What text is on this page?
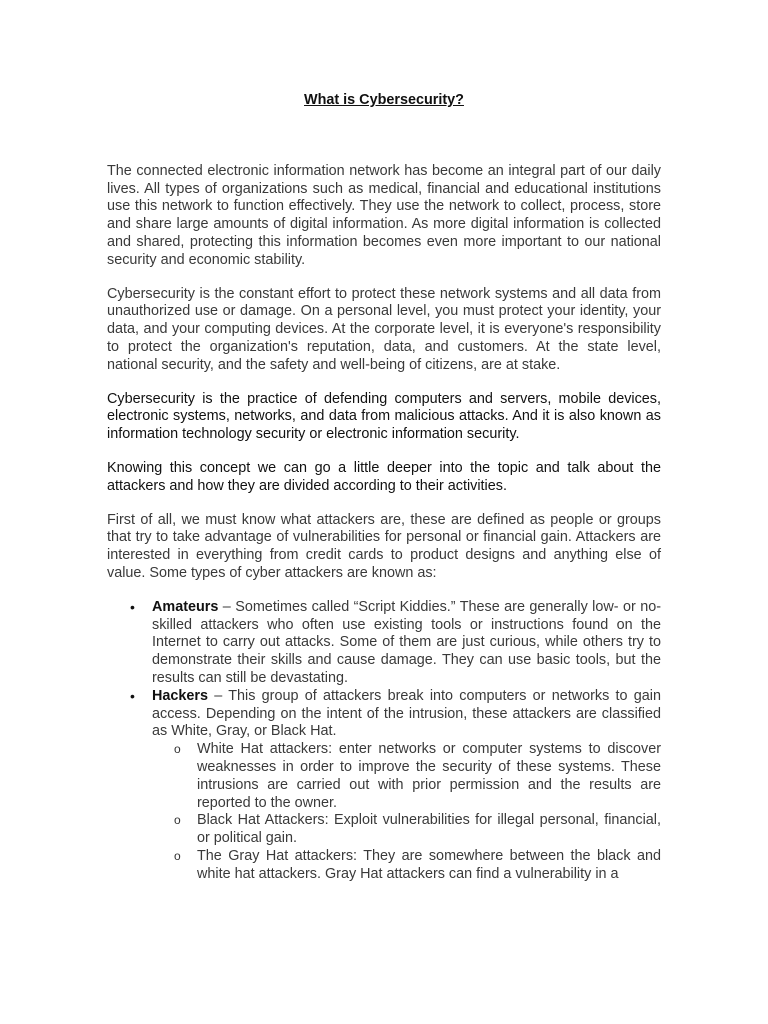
What is Cybersecurity?

The connected electronic information network has become an integral part of our daily lives. All types of organizations such as medical, financial and educational institutions use this network to function effectively. They use the network to collect, process, store and share large amounts of digital information. As more digital information is collected and shared, protecting this information becomes even more important to our national security and economic stability.

Cybersecurity is the constant effort to protect these network systems and all data from unauthorized use or damage. On a personal level, you must protect your identity, your data, and your computing devices. At the corporate level, it is everyone's responsibility to protect the organization's reputation, data, and customers. At the state level, national security, and the safety and well-being of citizens, are at stake.

Cybersecurity is the practice of defending computers and servers, mobile devices, electronic systems, networks, and data from malicious attacks. And it is also known as information technology security or electronic information security.

Knowing this concept we can go a little deeper into the topic and talk about the attackers and how they are divided according to their activities.

First of all, we must know what attackers are, these are defined as people or groups that try to take advantage of vulnerabilities for personal or financial gain. Attackers are interested in everything from credit cards to product designs and anything else of value. Some types of cyber attackers are known as:

• Amateurs – Sometimes called “Script Kiddies.” These are generally low- or no-skilled attackers who often use existing tools or instructions found on the Internet to carry out attacks. Some of them are just curious, while others try to demonstrate their skills and cause damage. They can use basic tools, but the results can still be devastating.
• Hackers – This group of attackers break into computers or networks to gain access. Depending on the intent of the intrusion, these attackers are classified as White, Gray, or Black Hat.
o White Hat attackers: enter networks or computer systems to discover weaknesses in order to improve the security of these systems. These intrusions are carried out with prior permission and the results are reported to the owner.
o Black Hat Attackers: Exploit vulnerabilities for illegal personal, financial, or political gain.
o The Gray Hat attackers: They are somewhere between the black and white hat attackers. Gray Hat attackers can find a vulnerability in a
